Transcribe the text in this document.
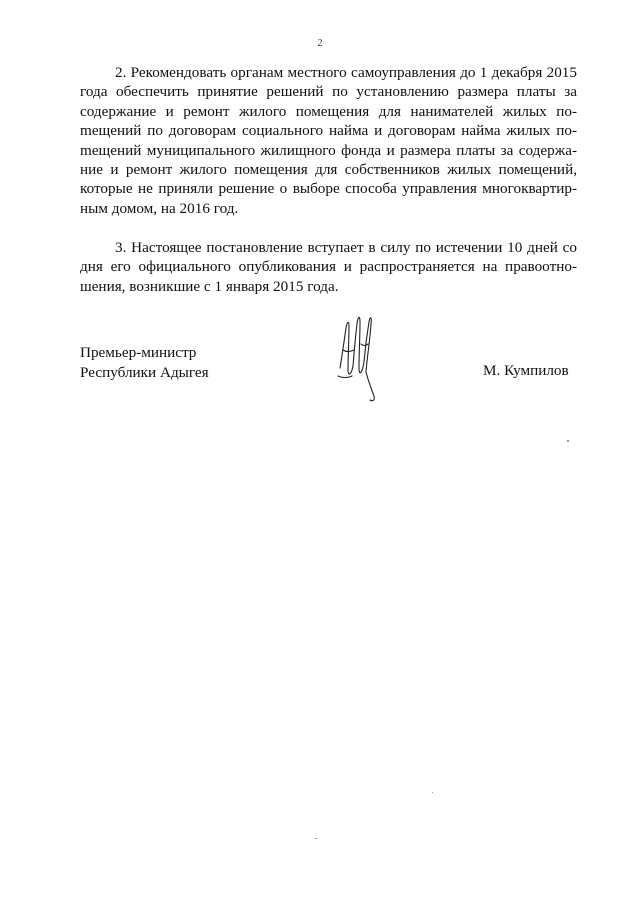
2

2. Рекомендовать органам местного самоуправления до 1 декабря 2015 года обеспечить принятие решений по установлению размера платы за содержание и ремонт жилого помещения для нанимателей жилых поmещений по договорам социального найма и договорам найма жилых поmещений муниципального жилищного фонда и размера платы за содержание и ремонт жилого помещения для собственников жилых помещений, которые не приняли решение о выборе способа управления многоквартирным домом, на 2016 год.

3. Настоящее постановление вступает в силу по истечении 10 дней со дня его официального опубликования и распространяется на правоотношения, возникшие с 1 января 2015 года.

Премьер-министр
Республики Адыгея	М. Кумпилов
